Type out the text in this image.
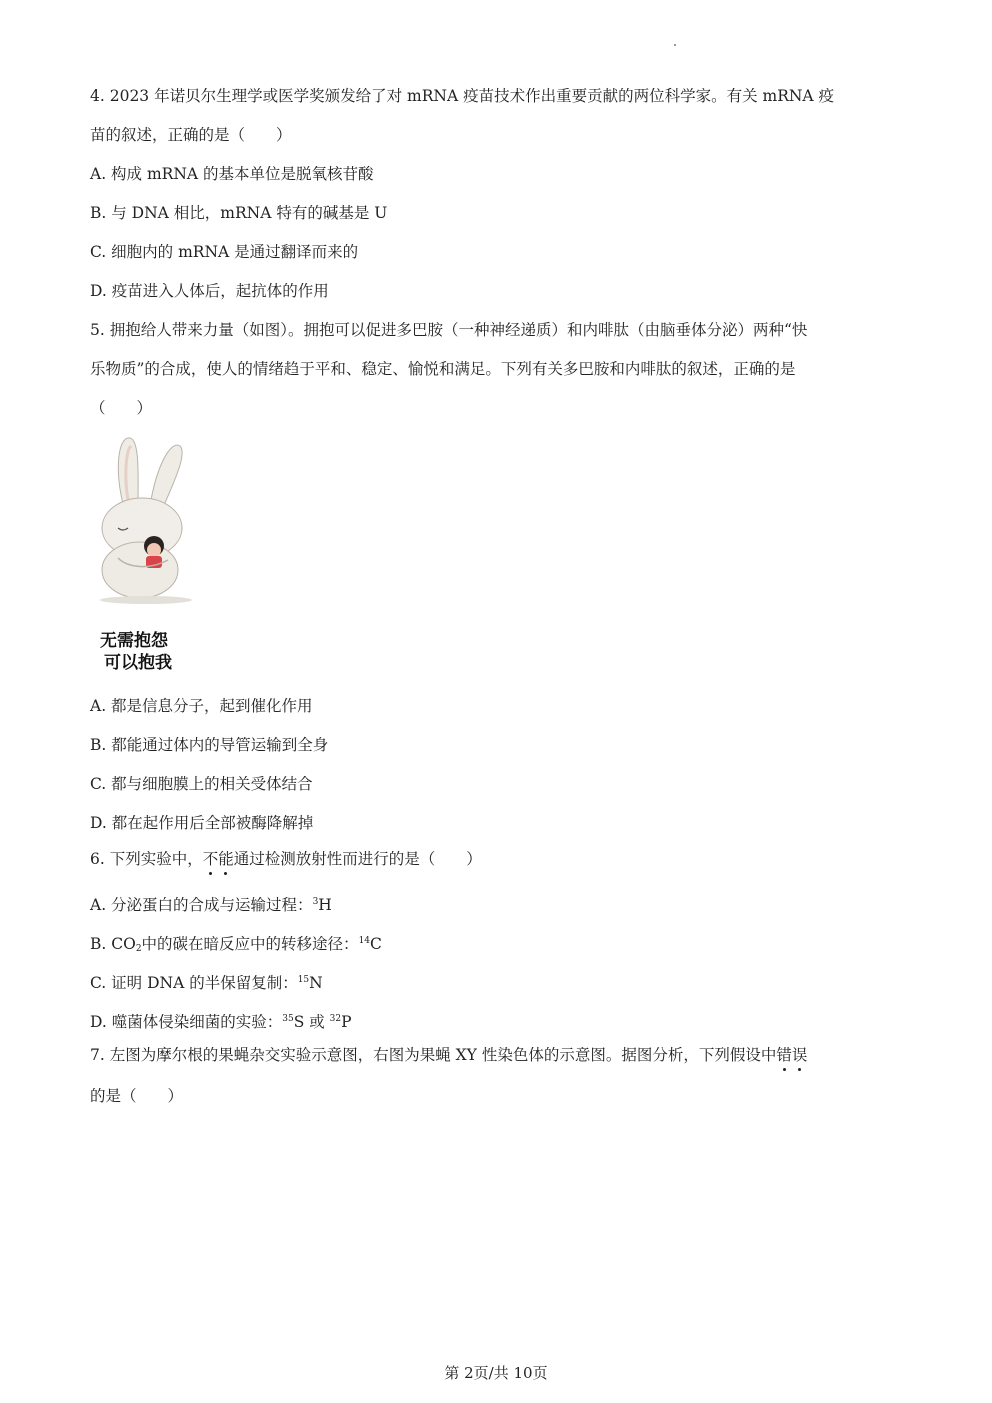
4. 2023 年诺贝尔生理学或医学奖颁发给了对 mRNA 疫苗技术作出重要贡献的两位科学家。有关 mRNA 疫
苗的叙述，正确的是（　　）
A. 构成 mRNA 的基本单位是脱氧核苷酸
B. 与 DNA 相比，mRNA 特有的碱基是 U
C. 细胞内的 mRNA 是通过翻译而来的
D. 疫苗进入人体后，起抗体的作用
5. 拥抱给人带来力量（如图）。拥抱可以促进多巴胺（一种神经递质）和内啡肽（由脑垂体分泌）两种“快
乐物质”的合成，使人的情绪趋于平和、稳定、愉悦和满足。下列有关多巴胺和内啡肽的叙述，正确的是
（　　）
无需抱怨
可以抱我
A. 都是信息分子，起到催化作用
B. 都能通过体内的导管运输到全身
C. 都与细胞膜上的相关受体结合
D. 都在起作用后全部被酶降解掉
6. 下列实验中，不能通过检测放射性而进行的是（　　）
A. 分泌蛋白的合成与运输过程：$^3$H
B. $CO_2$中的碳在暗反应中的转移途径：$^{14}$C
C. 证明 DNA 的半保留复制：$^{15}$N
D. 噬菌体侵染细菌的实验：$^{35}$S 或 $^{32}$P
7. 左图为摩尔根的果蝇杂交实验示意图，右图为果蝇 XY 性染色体的示意图。据图分析，下列假设中错误
的是（　　）
第 2页/共 10页
